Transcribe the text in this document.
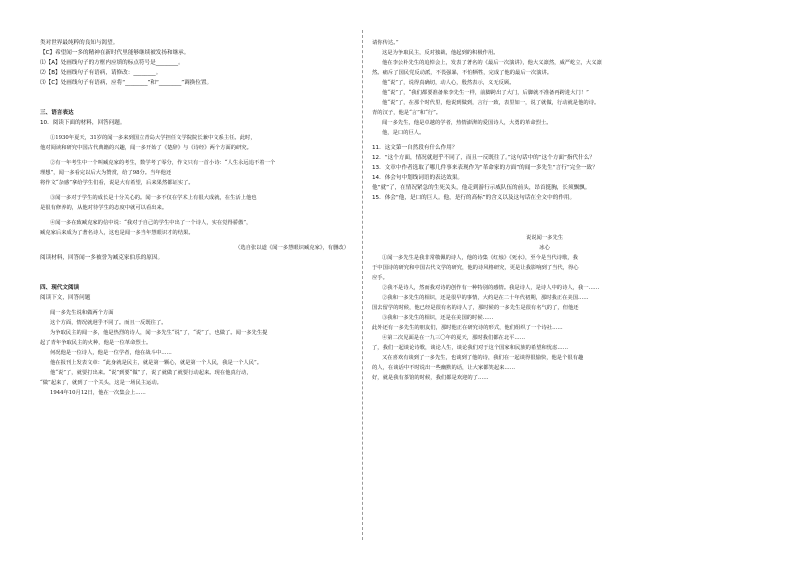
类对世界最纯粹的良知与渴望。
【C】希望闻一多的精神在新时代里能够继续被发扬和继承。
⑴【A】处画线句子的方框内应填的标点符号是________。
⑵【B】处画线句子有语病，请修改：________。
⑶【C】处画线句子有语病，应将“________”和“________”调换位置。
三、语言表达
10．阅读下面的材料，回答问题。
①1930年夏天，31岁的闻一多来到国立青岛大学担任文学院院长兼中文系主任。此时，
他对阅读和研究中国古代典籍的兴趣，闻一多开始了《楚辞》与《诗经》两个方面的研究。
②有一年考生中一个叫臧克家的考生，数学考了零分，作文只有一首小诗：“人生永远追不着一个
理想”，闻一多看完以后大为赞赏，给了98分。当年他还
将作文“杂感”拿给学生们看，说是大有希望，后来果然都证实了。
③闻一多对于学生的成长是十分关心的。闻一多不仅在学术上有很大成就，在生活上他也
是很有修养的，从他对待学生的态度中就可以看出来。
④闻一多在致臧克家的信中说：“我对于自己的学生中出了一个诗人，实在觉得骄傲”，
臧克家后来成为了著名诗人，这也是闻一多当年慧眼识才的结果。
（选自张以道《闻一多慧眼识臧克家》，有删改）
阅读材料，回答闻一多被誉为臧克家伯乐的原因。
四、现代文阅读
阅读下文，回答问题
闻一多先生说和做两个方面
这个方面，情况就迥乎不同了。而且一反既往了。
为争取民主的闻一多，他是热烈的诗人，闻一多先生“说”了，“说”了，也做了。闻一多先生提
起了青年争取民主的火种，他是一位革命烈士。
何况他是一位诗人，他是一位学者，他在战斗中……
他在报刊上发表文章：“此身就是民主，就是第一颗心，就是第一个人民，我是一个人民”。
他“说”了，就要打出来。“说”到要“做”了，说了就做了就要行动起来。现在他真行动，
“做”起来了，就到了一个关头，这是一场民主运动。
1944年10月12日，他在一次集会上……
请你传达。”
这是为争取民主，反对独裁，他起到的积极作用。
他在李公朴先生的追悼会上，发表了著名的《最后一次演讲》，他大义凛然，威严屹立，大义凛
然。痛斥了国民党反动派，不畏强暴，不怕牺牲，完成了他的最后一次演讲。
他“说”了，说得真确切，动人心，殷然表示，义无反顾。
他“说”了，“我们都要准备象李先生一样，前脚跨出了大门，后脚就不准备再跨进大门！”
他“说”了，在那个时代里，他说到做到，言行一致，表里如一，说了就做，行动就是他的诗。
青的汉子，他是“言”和“行”。
闻一多先生，他是卓越的学者，热情澎湃的爱国诗人，大勇的革命烈士。
他，是口的巨人。
11．这文第一自然段有什么作用？
12．“这个方面，情况就迥乎不同了，而且一反既往了。”这句话中的“这个方面”指代什么？
13．文章中作者选取了哪几件事来表现作为“革命家的方面”的闻一多先生“言行”完全一致？
14．体会句中划线词语的表达效果。
他“就”了，在情况紧急的生死关头，他走到游行示威队伍的前头，昂首挺胸，长须飘飘。
15．体会“他，是口的巨人。他，是行的高标”的含义以及这句话在全文中的作用。
说说闻一多先生
冰心
①闻一多先生是我非常敬佩的诗人，他的诗集《红烛》《死水》，至今是当代诗歌，我
于中国诗的研究和中国古代文学的研究，他的诗风格研究，更是让我影响到了当代，得心
应手。
②我不是诗人，然而我对诗的创作有一种特别的感情。我是诗人，是诗人中的诗人，我一……
②我和一多先生的相识，还是很早的事情，大约是在二十年代初期，那时我正在美国……
国去留学的时候，他已经是很有名的诗人了，那时候的一多先生是很有名气的了，但他还
③我和一多先生的相识，还是在美国的时候……
此外还有一多先生的朋友们，那时他正在研究诗的形式，他们组织了一个诗社……
④第二次见面是在一九三〇年的夏天，那时我们都在北平……
了，我们一起谈论诗歌，谈论人生，谈论我们对于这个国家和民族的希望和忧虑……
又在喜欢有谈到了一多先生，也谈到了他的诗，我们在一起谈得很愉快，他是个很有趣
的人，在谈话中不时说出一些幽默的话，让大家都笑起来……
好，就是我有茶馆的时候，我们都是欢迎的了……
